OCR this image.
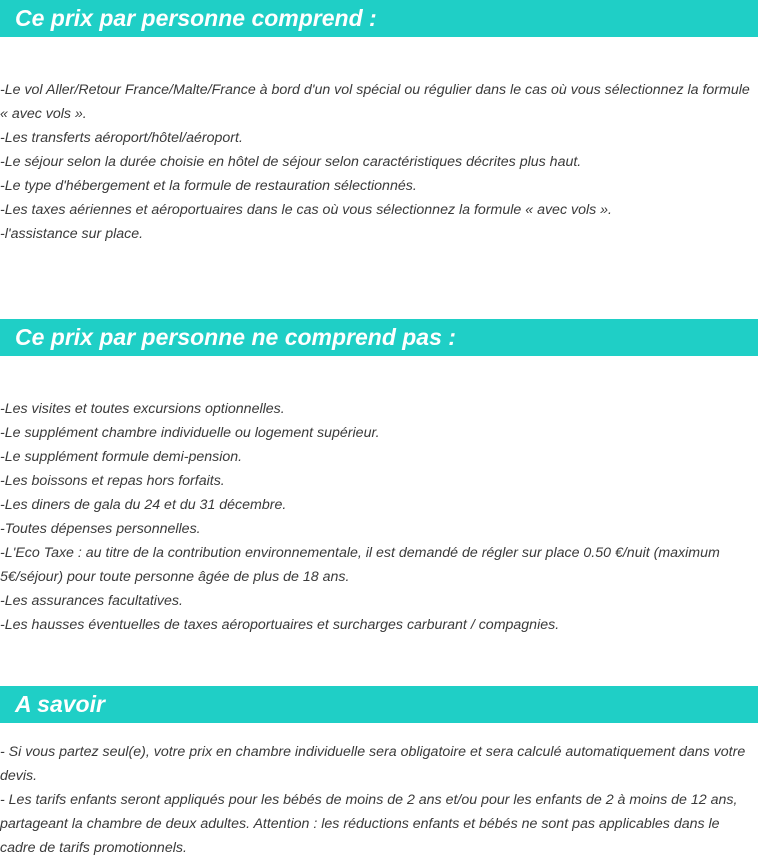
Ce prix par personne comprend :
-Le vol Aller/Retour France/Malte/France à bord d'un vol spécial ou régulier dans le cas où vous sélectionnez la formule « avec vols ».
-Les transferts aéroport/hôtel/aéroport.
-Le séjour selon la durée choisie en hôtel de séjour selon caractéristiques décrites plus haut.
-Le type d'hébergement et la formule de restauration sélectionnés.
-Les taxes aériennes et aéroportuaires dans le cas où vous sélectionnez la formule « avec vols ».
-l'assistance sur place.
Ce prix par personne ne comprend pas :
-Les visites et toutes excursions optionnelles.
-Le supplément chambre individuelle ou logement supérieur.
-Le supplément formule demi-pension.
-Les boissons et repas hors forfaits.
-Les diners de gala du 24 et du 31 décembre.
-Toutes dépenses personnelles.
-L'Eco Taxe : au titre de la contribution environnementale, il est demandé de régler sur place 0.50 €/nuit (maximum 5€/séjour) pour toute personne âgée de plus de 18 ans.
-Les assurances facultatives.
-Les hausses éventuelles de taxes aéroportuaires et surcharges carburant / compagnies.
A savoir
- Si vous partez seul(e), votre prix en chambre individuelle sera obligatoire et sera calculé automatiquement dans votre devis.
- Les tarifs enfants seront appliqués pour les bébés de moins de 2 ans et/ou pour les enfants de 2 à moins de 12 ans, partageant la chambre de deux adultes. Attention : les réductions enfants et bébés ne sont pas applicables dans le cadre de tarifs promotionnels.
